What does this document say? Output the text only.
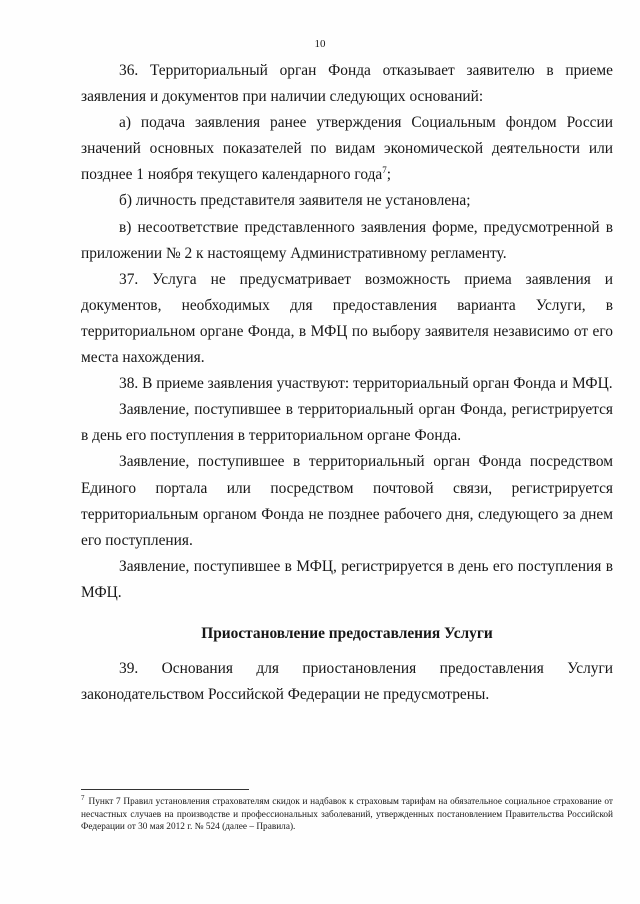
10

36. Территориальный орган Фонда отказывает заявителю в приеме заявления и документов при наличии следующих оснований:

а) подача заявления ранее утверждения Социальным фондом России значений основных показателей по видам экономической деятельности или позднее 1 ноября текущего календарного года$^7$;

б) личность представителя заявителя не установлена;

в) несоответствие представленного заявления форме, предусмотренной в приложении № 2 к настоящему Административному регламенту.

37. Услуга не предусматривает возможность приема заявления и документов, необходимых для предоставления варианта Услуги, в территориальном органе Фонда, в МФЦ по выбору заявителя независимо от его места нахождения.

38. В приеме заявления участвуют: территориальный орган Фонда и МФЦ.

Заявление, поступившее в территориальный орган Фонда, регистрируется в день его поступления в территориальном органе Фонда.

Заявление, поступившее в территориальный орган Фонда посредством Единого портала или посредством почтовой связи, регистрируется территориальным органом Фонда не позднее рабочего дня, следующего за днем его поступления.

Заявление, поступившее в МФЦ, регистрируется в день его поступления в МФЦ.

Приостановление предоставления Услуги

39. Основания для приостановления предоставления Услуги

законодательством Российской Федерации не предусмотрены.

$^7$ Пункт 7 Правил установления страхователям скидок и надбавок к страховым тарифам на обязательное социальное страхование от несчастных случаев на производстве и профессиональных заболеваний, утвержденных постановлением Правительства Российской Федерации от 30 мая 2012 г. № 524 (далее – Правила).
